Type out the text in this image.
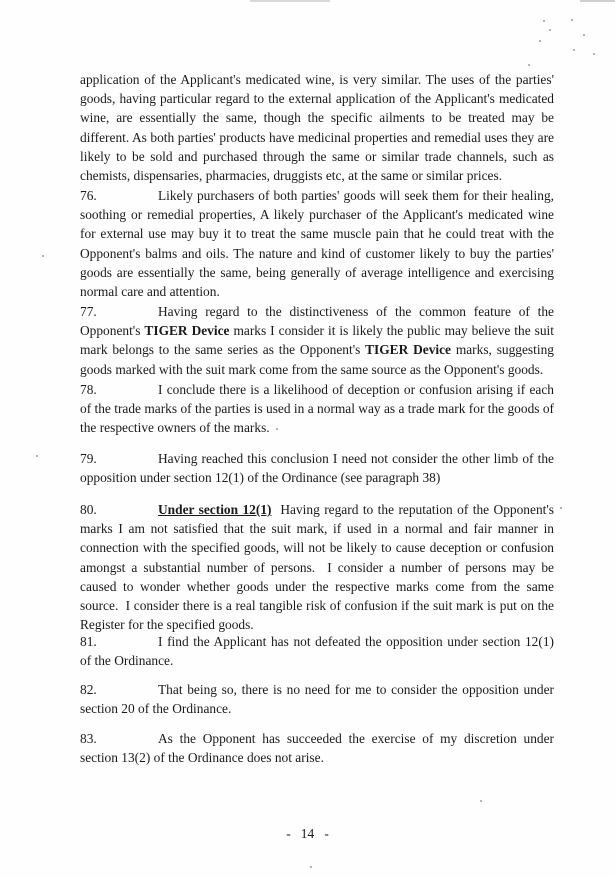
application of the Applicant's medicated wine, is very similar. The uses of the parties' goods, having particular regard to the external application of the Applicant's medicated wine, are essentially the same, though the specific ailments to be treated may be different. As both parties' products have medicinal properties and remedial uses they are likely to be sold and purchased through the same or similar trade channels, such as chemists, dispensaries, pharmacies, druggists etc, at the same or similar prices.

76.	Likely purchasers of both parties' goods will seek them for their healing, soothing or remedial properties, A likely purchaser of the Applicant's medicated wine for external use may buy it to treat the same muscle pain that he could treat with the Opponent's balms and oils. The nature and kind of customer likely to buy the parties' goods are essentially the same, being generally of average intelligence and exercising normal care and attention.

77.	Having regard to the distinctiveness of the common feature of the Opponent's TIGER Device marks I consider it is likely the public may believe the suit mark belongs to the same series as the Opponent's TIGER Device marks, suggesting goods marked with the suit mark come from the same source as the Opponent's goods.

78.	I conclude there is a likelihood of deception or confusion arising if each of the trade marks of the parties is used in a normal way as a trade mark for the goods of the respective owners of the marks.

79.	Having reached this conclusion I need not consider the other limb of the opposition under section 12(1) of the Ordinance (see paragraph 38)

80.	Under section 12(1)  Having regard to the reputation of the Opponent's marks I am not satisfied that the suit mark, if used in a normal and fair manner in connection with the specified goods, will not be likely to cause deception or confusion amongst a substantial number of persons.  I consider a number of persons may be caused to wonder whether goods under the respective marks come from the same source.  I consider there is a real tangible risk of confusion if the suit mark is put on the Register for the specified goods.

81.	I find the Applicant has not defeated the opposition under section 12(1) of the Ordinance.

82.	That being so, there is no need for me to consider the opposition under section 20 of the Ordinance.

83.	As the Opponent has succeeded the exercise of my discretion under section 13(2) of the Ordinance does not arise.

- 14 -
